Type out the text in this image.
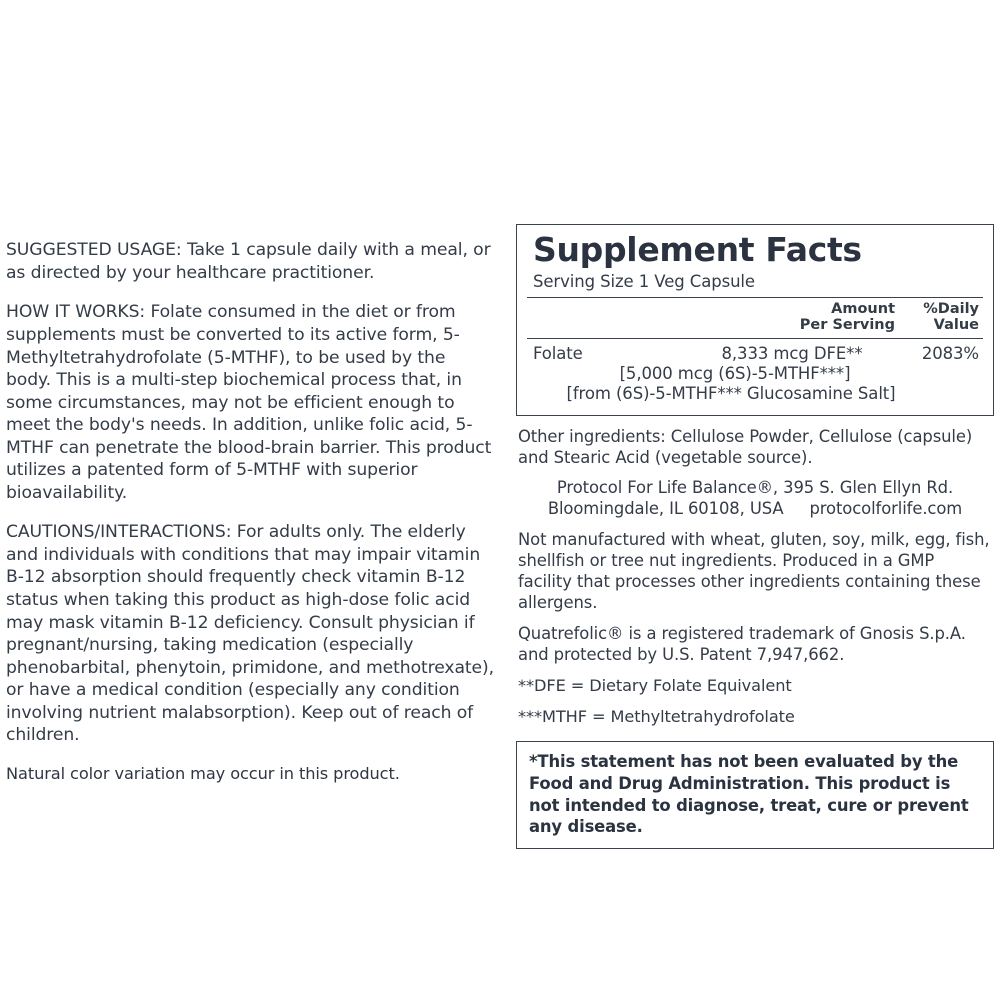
SUGGESTED USAGE: Take 1 capsule daily with a meal, or as directed by your healthcare practitioner.

HOW IT WORKS: Folate consumed in the diet or from supplements must be converted to its active form, 5-Methyltetrahydrofolate (5-MTHF), to be used by the body. This is a multi-step biochemical process that, in some circumstances, may not be efficient enough to meet the body's needs. In addition, unlike folic acid, 5-MTHF can penetrate the blood-brain barrier. This product utilizes a patented form of 5-MTHF with superior bioavailability.

CAUTIONS/INTERACTIONS: For adults only. The elderly and individuals with conditions that may impair vitamin B-12 absorption should frequently check vitamin B-12 status when taking this product as high-dose folic acid may mask vitamin B-12 deficiency. Consult physician if pregnant/nursing, taking medication (especially phenobarbital, phenytoin, primidone, and methotrexate), or have a medical condition (especially any condition involving nutrient malabsorption). Keep out of reach of children.

Natural color variation may occur in this product.

Supplement Facts
Serving Size 1 Veg Capsule
Amount
Per Serving
%Daily
Value
Folate	8,333 mcg DFE**	2083%
[5,000 mcg (6S)-5-MTHF***]
[from (6S)-5-MTHF*** Glucosamine Salt]
Other ingredients: Cellulose Powder, Cellulose (capsule) and Stearic Acid (vegetable source).
Protocol For Life Balance®, 395 S. Glen Ellyn Rd.
Bloomingdale, IL 60108, USA protocolforlife.com
Not manufactured with wheat, gluten, soy, milk, egg, fish, shellfish or tree nut ingredients. Produced in a GMP facility that processes other ingredients containing these allergens.
Quatrefolic® is a registered trademark of Gnosis S.p.A. and protected by U.S. Patent 7,947,662.
**DFE = Dietary Folate Equivalent
***MTHF = Methyltetrahydrofolate
*This statement has not been evaluated by the Food and Drug Administration. This product is not intended to diagnose, treat, cure or prevent any disease.
